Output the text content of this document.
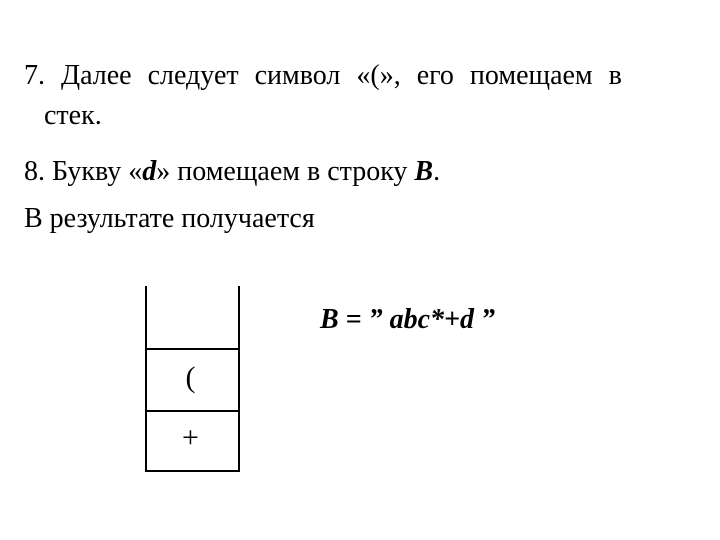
7. Далее следует символ «(», его помещаем в
стек.

8. Букву «d» помещаем в строку B.

В результате получается

(
+
B = ” abc*+d ”
